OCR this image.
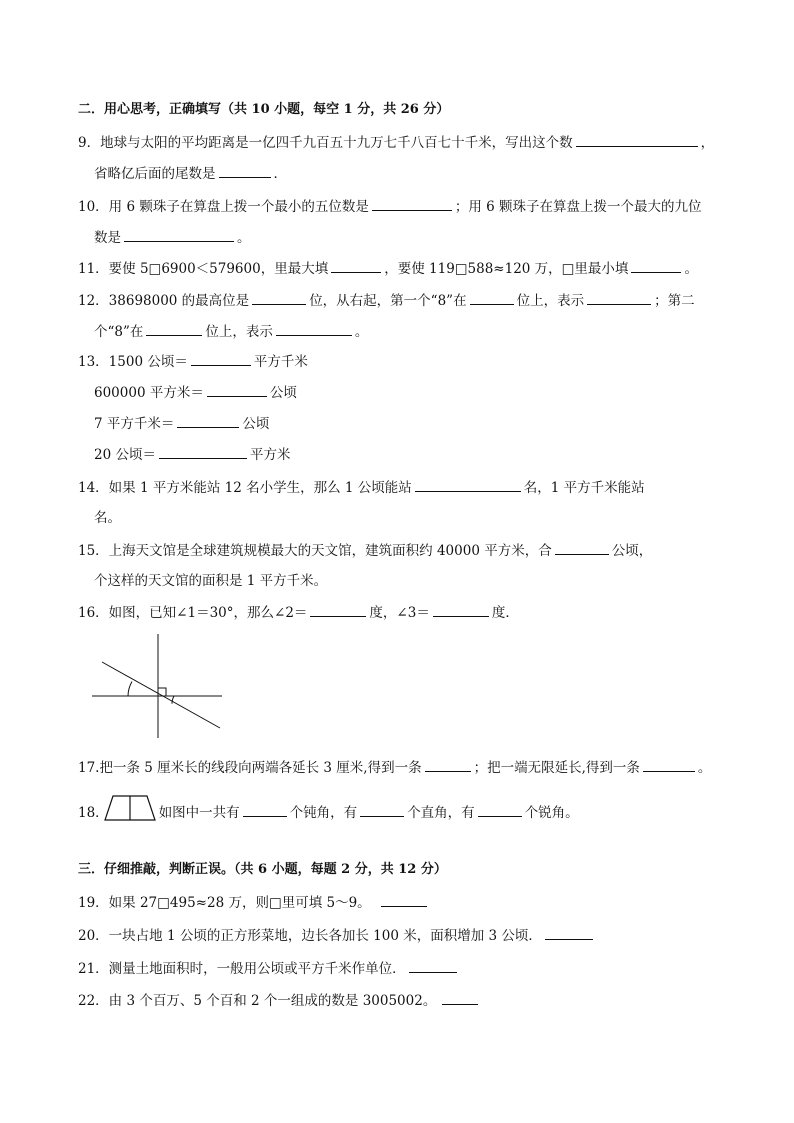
二．用心思考，正确填写（共 10 小题，每空 1 分，共 26 分）
9．地球与太阳的平均距离是一亿四千九百五十九万七千八百七十千米，写出这个数	，
省略亿后面的尾数是	．
10．用 6 颗珠子在算盘上拨一个最小的五位数是	；用 6 颗珠子在算盘上拨一个最大的九位
数是	。
11．要使 5□6900＜579600，里最大填	，要使 119□588≈120 万，□里最小填	。
12．38698000 的最高位是	位，从右起，第一个“8”在	位上，表示	；第二
个“8”在	位上，表示	。
13．1500 公顷＝	平方千米
600000 平方米＝	公顷
7 平方千米＝	公顷
20 公顷＝	平方米
14．如果 1 平方米能站 12 名小学生，那么 1 公顷能站	名，1 平方千米能站
名。
15．上海天文馆是全球建筑规模最大的天文馆，建筑面积约 40000 平方米，合	公顷，
个这样的天文馆的面积是 1 平方千米。
16．如图，已知∠1＝30°，那么∠2＝	度，∠3＝	度．
17.把一条 5 厘米长的线段向两端各延长 3 厘米,得到一条	；把一端无限延长,得到一条	。
18．	如图中一共有	个钝角，有	个直角，有	个锐角。
三．仔细推敲，判断正误。（共 6 小题，每题 2 分，共 12 分）
19．如果 27□495≈28 万，则□里可填 5～9。
20．一块占地 1 公顷的正方形菜地，边长各加长 100 米，面积增加 3 公顷．
21．测量土地面积时，一般用公顷或平方千米作单位．
22．由 3 个百万、5 个百和 2 个一组成的数是 3005002。
